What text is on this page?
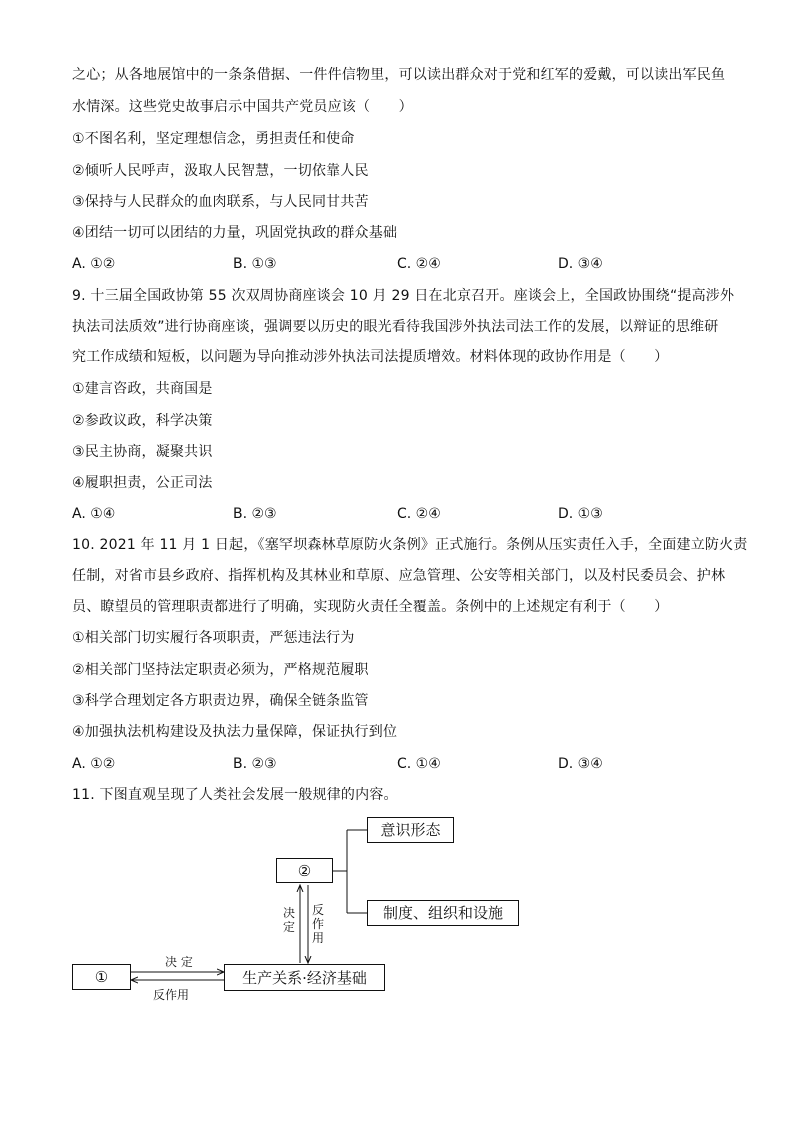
之心；从各地展馆中的一条条借据、一件件信物里，可以读出群众对于党和红军的爱戴，可以读出军民鱼
水情深。这些党史故事启示中国共产党员应该（　　）
①不图名利，坚定理想信念，勇担责任和使命
②倾听人民呼声，汲取人民智慧，一切依靠人民
③保持与人民群众的血肉联系，与人民同甘共苦
④团结一切可以团结的力量，巩固党执政的群众基础
A. ①②	B. ①③	C. ②④	D. ③④
9. 十三届全国政协第 55 次双周协商座谈会 10 月 29 日在北京召开。座谈会上，全国政协围绕“提高涉外
执法司法质效”进行协商座谈，强调要以历史的眼光看待我国涉外执法司法工作的发展，以辩证的思维研
究工作成绩和短板，以问题为导向推动涉外执法司法提质增效。材料体现的政协作用是（　　）
①建言咨政，共商国是
②参政议政，科学决策
③民主协商，凝聚共识
④履职担责，公正司法
A. ①④	B. ②③	C. ②④	D. ①③
10. 2021 年 11 月 1 日起，《塞罕坝森林草原防火条例》正式施行。条例从压实责任入手，全面建立防火责
任制，对省市县乡政府、指挥机构及其林业和草原、应急管理、公安等相关部门，以及村民委员会、护林
员、瞭望员的管理职责都进行了明确，实现防火责任全覆盖。条例中的上述规定有利于（　　）
①相关部门切实履行各项职责，严惩违法行为
②相关部门坚持法定职责必须为，严格规范履职
③科学合理划定各方职责边界，确保全链条监管
④加强执法机构建设及执法力量保障，保证执行到位
A. ①②	B. ②③	C. ①④	D. ③④
11. 下图直观呈现了人类社会发展一般规律的内容。
意识形态
②
制度、组织和设施
①	生产关系·经济基础
决 定
反作用
决定
反作用
